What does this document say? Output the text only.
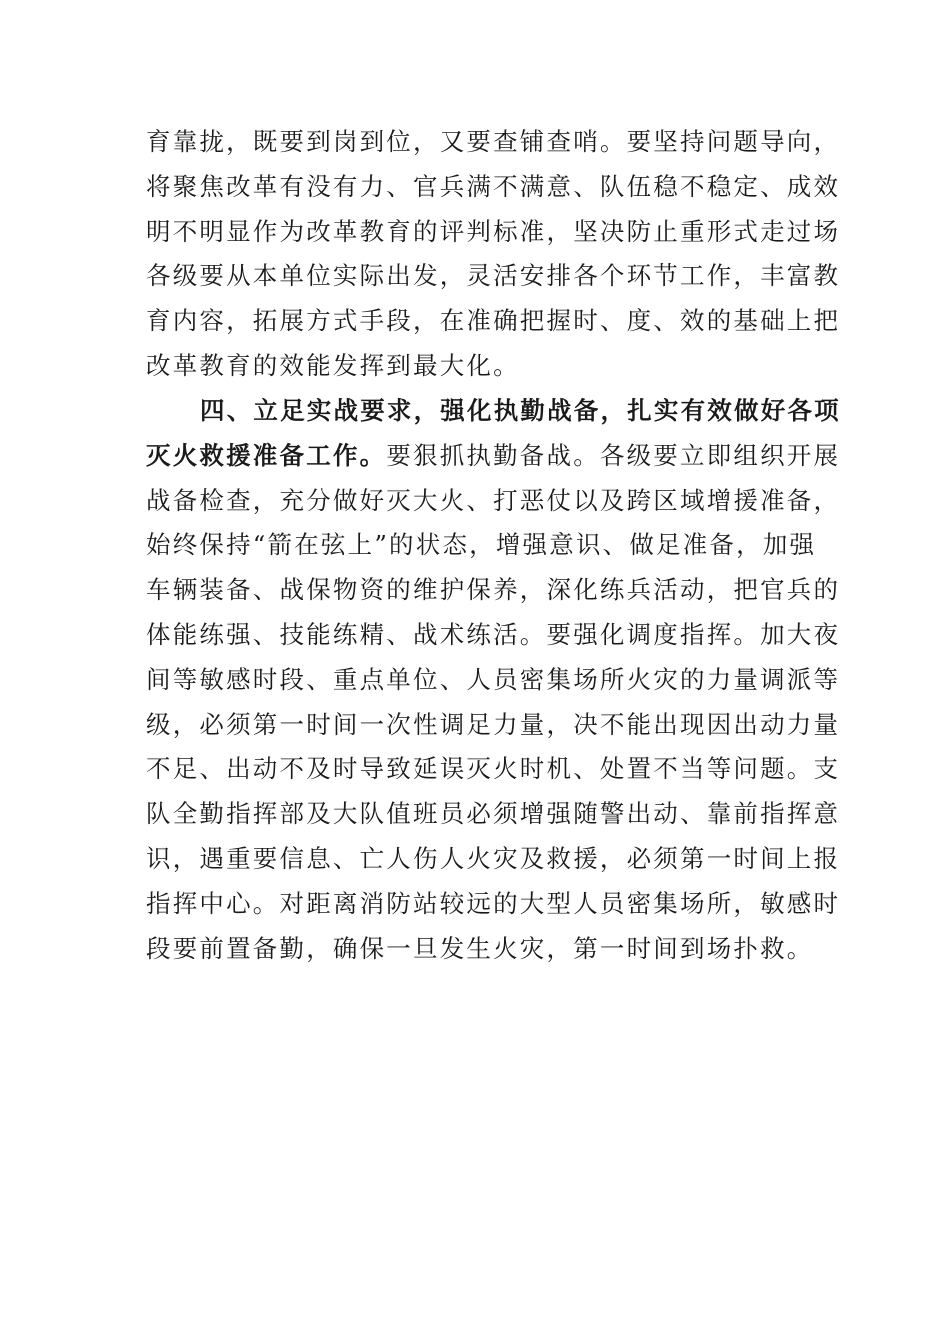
育靠拢，既要到岗到位，又要查铺查哨。要坚持问题导向，
将聚焦改革有没有力、官兵满不满意、队伍稳不稳定、成效
明不明显作为改革教育的评判标准，坚决防止重形式走过场
各级要从本单位实际出发，灵活安排各个环节工作，丰富教
育内容，拓展方式手段，在准确把握时、度、效的基础上把
改革教育的效能发挥到最大化。
四、立足实战要求，强化执勤战备，扎实有效做好各项
灭火救援准备工作。要狠抓执勤备战。各级要立即组织开展
战备检查，充分做好灭大火、打恶仗以及跨区域增援准备，
始终保持“箭在弦上”的状态，增强意识、做足准备，加强
车辆装备、战保物资的维护保养，深化练兵活动，把官兵的
体能练强、技能练精、战术练活。要强化调度指挥。加大夜
间等敏感时段、重点单位、人员密集场所火灾的力量调派等
级，必须第一时间一次性调足力量，决不能出现因出动力量
不足、出动不及时导致延误灭火时机、处置不当等问题。支
队全勤指挥部及大队值班员必须增强随警出动、靠前指挥意
识，遇重要信息、亡人伤人火灾及救援，必须第一时间上报
指挥中心。对距离消防站较远的大型人员密集场所，敏感时
段要前置备勤，确保一旦发生火灾，第一时间到场扑救。
